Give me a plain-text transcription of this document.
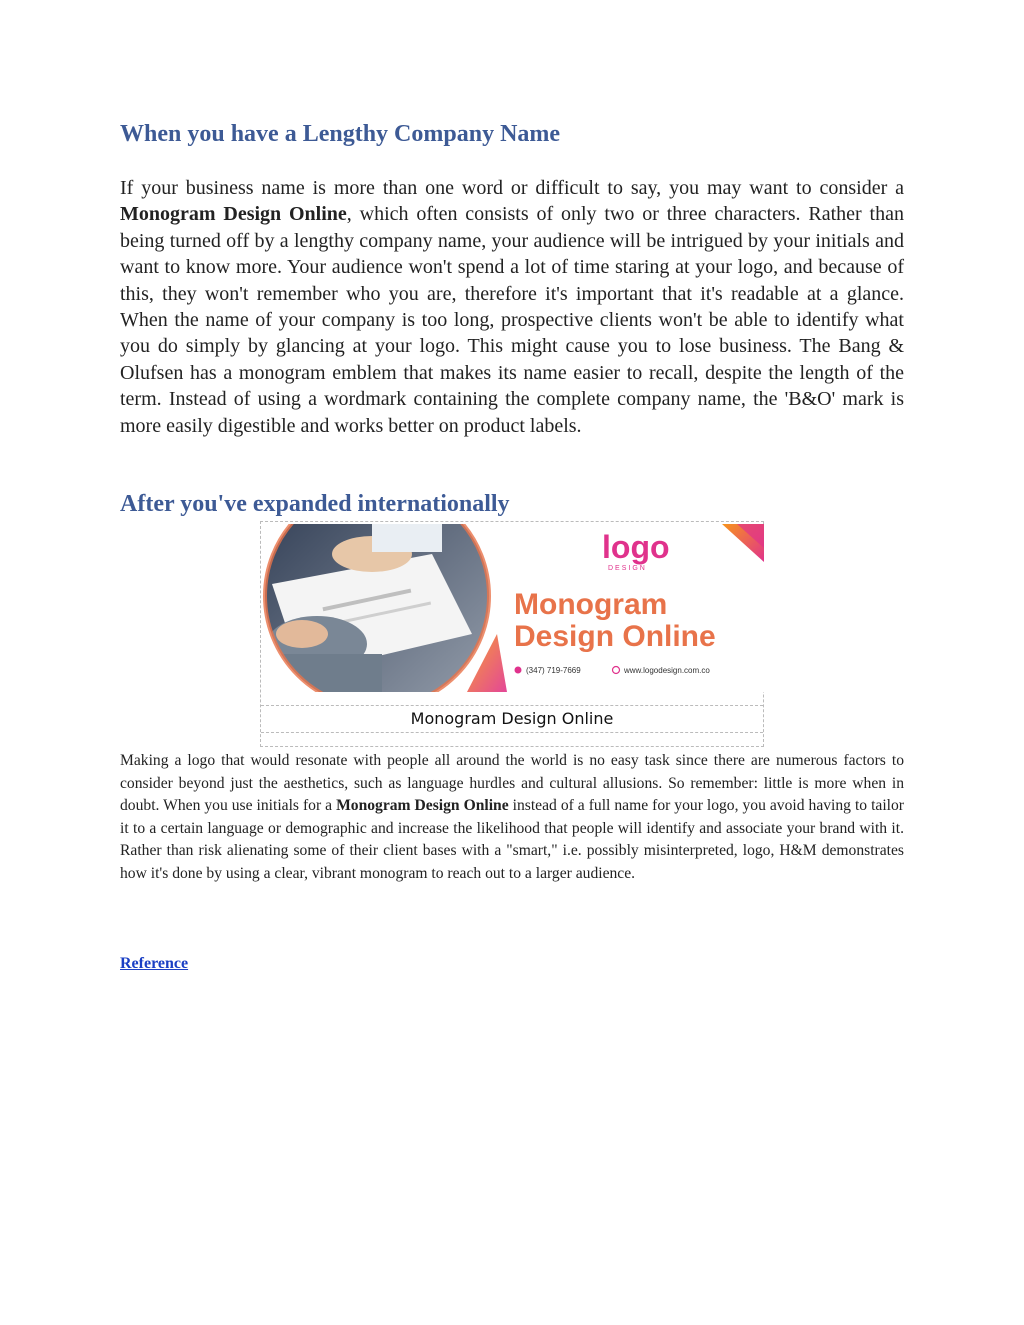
When you have a Lengthy Company Name

If your business name is more than one word or difficult to say, you may want to consider a Monogram Design Online, which often consists of only two or three characters. Rather than being turned off by a lengthy company name, your audience will be intrigued by your initials and want to know more. Your audience won't spend a lot of time staring at your logo, and because of this, they won't remember who you are, therefore it's important that it's readable at a glance. When the name of your company is too long, prospective clients won't be able to identify what you do simply by glancing at your logo. This might cause you to lose business. The Bang & Olufsen has a monogram emblem that makes its name easier to recall, despite the length of the term. Instead of using a wordmark containing the complete company name, the 'B&O' mark is more easily digestible and works better on product labels.

After you've expanded internationally
logo
DESIGN
Monogram
Design Online
(347) 719-7669	www.logodesign.com.co
Monogram Design Online

Making a logo that would resonate with people all around the world is no easy task since there are numerous factors to consider beyond just the aesthetics, such as language hurdles and cultural allusions. So remember: little is more when in doubt. When you use initials for a Monogram Design Online instead of a full name for your logo, you avoid having to tailor it to a certain language or demographic and increase the likelihood that people will identify and associate your brand with it. Rather than risk alienating some of their client bases with a "smart," i.e. possibly misinterpreted, logo, H&M demonstrates how it's done by using a clear, vibrant monogram to reach out to a larger audience.

Reference
